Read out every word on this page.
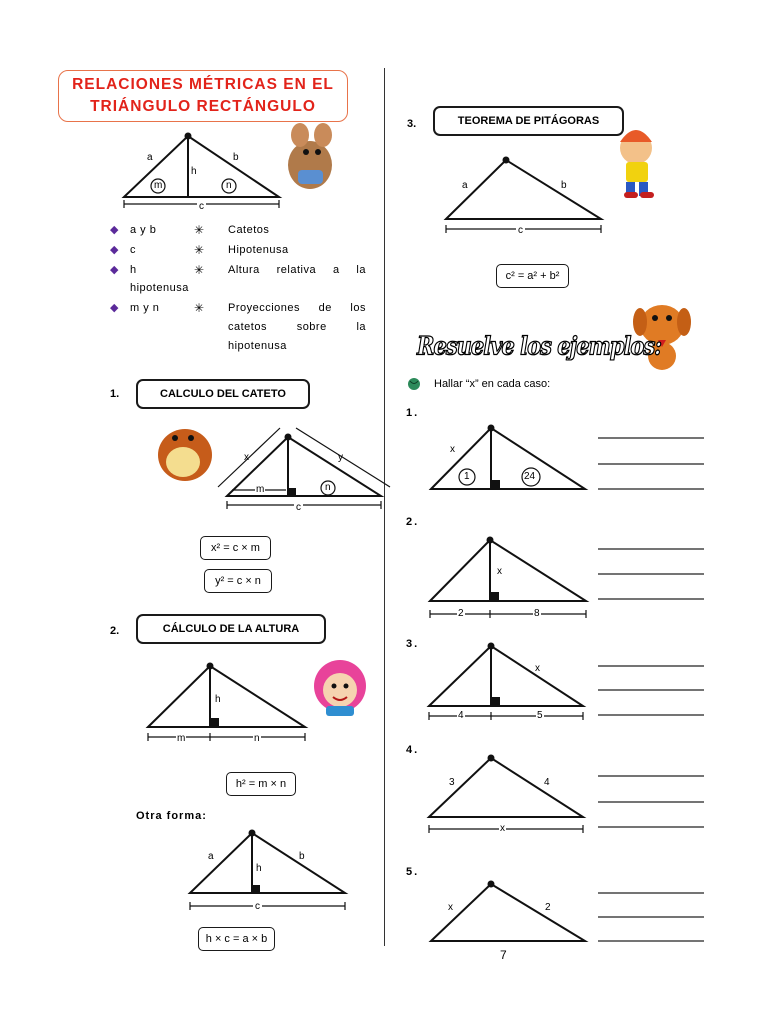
RELACIONES MÉTRICAS EN EL
TRIÁNGULO RECTÁNGULO
a	b
h
m	n
c
◆ a y b	✳ Catetos
◆ c	✳ Hipotenusa
◆ h	✳ Altura relativa a la
hipotenusa
◆ m y n	✳ Proyecciones de los
catetos sobre la
hipotenusa
1.	CALCULO DEL CATETO
x	y
m	n
c
x² = c × m
y² = c × n
2.	CÁLCULO DE LA ALTURA
h
m	n
h² = m × n
Otra forma:
a	b
h
c
h × c = a × b
3.	TEOREMA DE PITÁGORAS
a	b
c
c² = a² + b²
Resuelve los ejemplos:
Hallar “x” en cada caso:
1.
x
1	24
2.
x
2	8
3.
x
4	5
4.
3	4
x
5.
x	2
7
